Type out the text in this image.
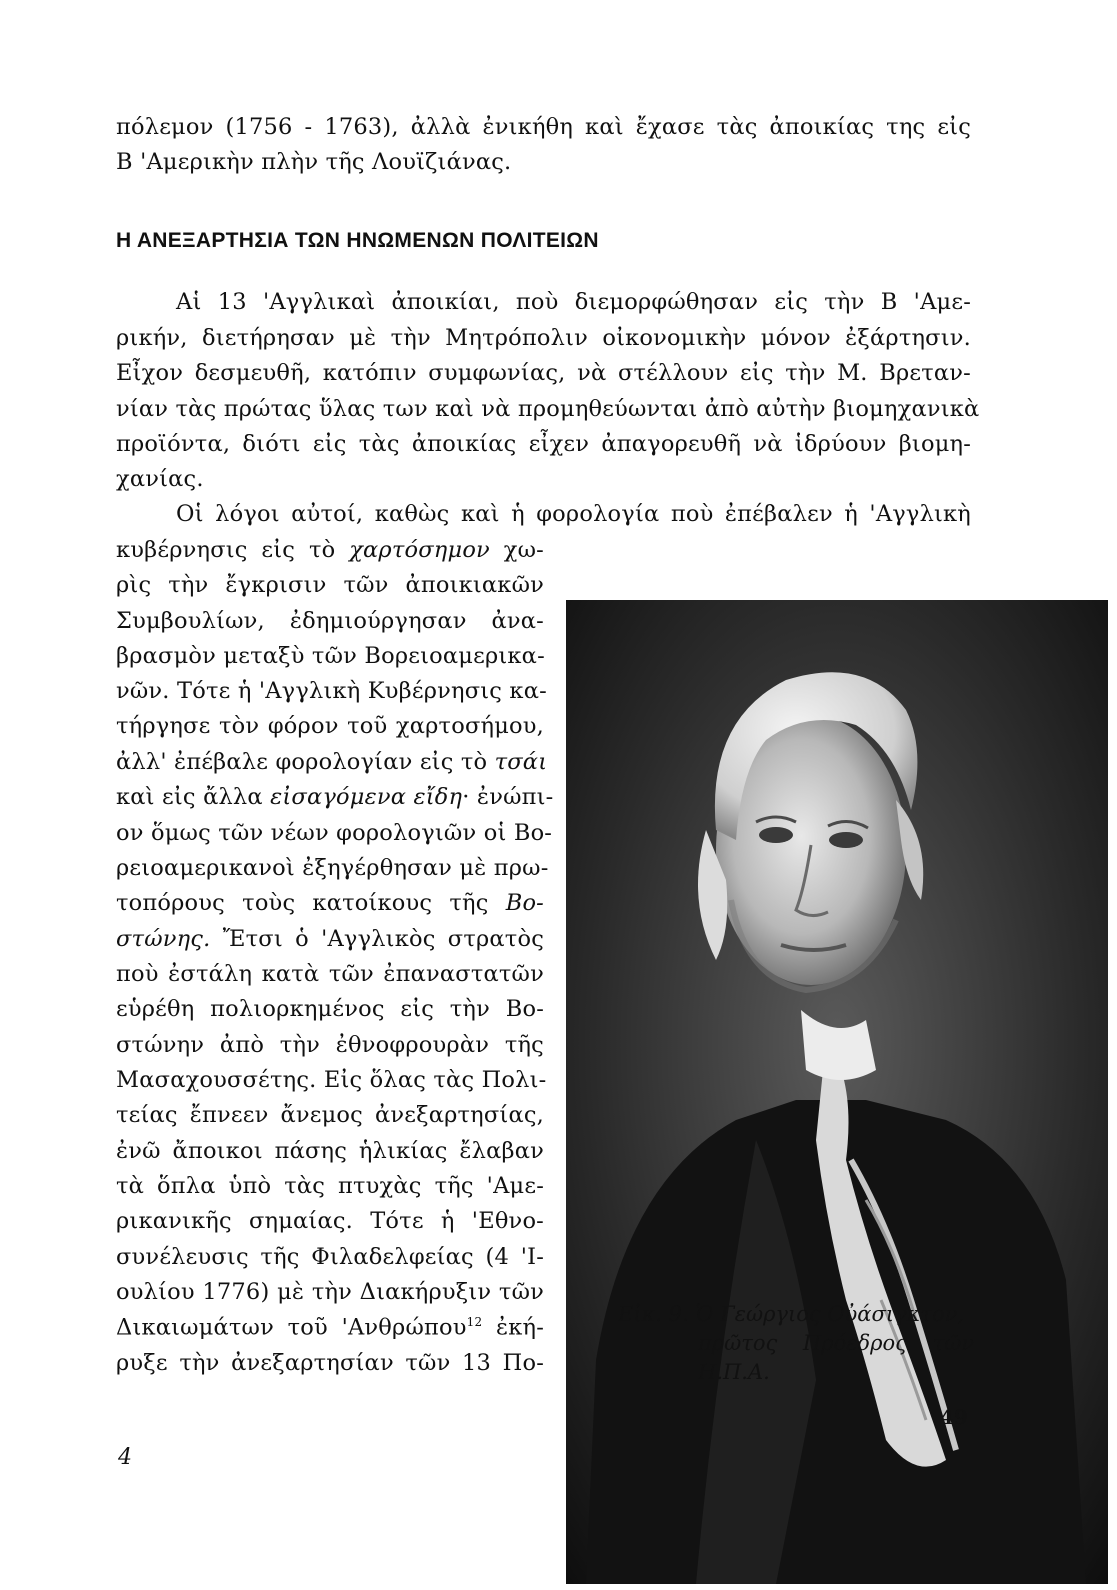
πόλεμον (1756 - 1763), ἀλλὰ ἐνικήθη καὶ ἔχασε τὰς ἀποικίας της εἰς
Β 'Αμερικὴν πλὴν τῆς Λουϊζιάνας.
Η ΑΝΕΞΑΡΤΗΣΙΑ ΤΩΝ ΗΝΩΜΕΝΩΝ ΠΟΛΙΤΕΙΩΝ
Αἱ 13 'Αγγλικαὶ ἀποικίαι, ποὺ διεμορφώθησαν εἰς τὴν Β 'Αμε-
ρικήν, διετήρησαν μὲ τὴν Μητρόπολιν οἰκονομικὴν μόνον ἐξάρτησιν.
Εἶχον δεσμευθῆ, κατόπιν συμφωνίας, νὰ στέλλουν εἰς τὴν Μ. Βρεταν-
νίαν τὰς πρώτας ὕλας των καὶ νὰ προμηθεύωνται ἀπὸ αὐτὴν βιομηχανικὰ
προϊόντα, διότι εἰς τὰς ἀποικίας εἶχεν ἀπαγορευθῆ νὰ ἱδρύουν βιομη-
χανίας.
Οἱ λόγοι αὐτοί, καθὼς καὶ ἡ φορολογία ποὺ ἐπέβαλεν ἡ 'Αγγλικὴ
κυβέρνησις εἰς τὸ χαρτόσημον χω-
ρὶς τὴν ἔγκρισιν τῶν ἀποικιακῶν
Συμβουλίων, ἐδημιούργησαν ἀνα-
βρασμὸν μεταξὺ τῶν Βορειοαμερικα-
νῶν. Τότε ἡ 'Αγγλικὴ Κυβέρνησις κα-
τήργησε τὸν φόρον τοῦ χαρτοσήμου,
ἀλλ' ἐπέβαλε φορολογίαν εἰς τὸ τσάι
καὶ εἰς ἄλλα εἰσαγόμενα εἴδη· ἐνώπι-
ον ὅμως τῶν νέων φορολογιῶν οἱ Βο-
ρειοαμερικανοὶ ἐξηγέρθησαν μὲ πρω-
τοπόρους τοὺς κατοίκους τῆς Βο-
στώνης. Ἔτσι ὁ 'Αγγλικὸς στρατὸς
ποὺ ἐστάλη κατὰ τῶν ἐπαναστατῶν
εὑρέθη πολιορκημένος εἰς τὴν Βο-
στώνην ἀπὸ τὴν ἐθνοφρουρὰν τῆς
Μασαχουσσέτης. Εἰς ὅλας τὰς Πολι-
τείας ἔπνεεν ἄνεμος ἀνεξαρτησίας,
ἐνῶ ἄποικοι πάσης ἡλικίας ἔλαβαν
τὰ ὅπλα ὑπὸ τὰς πτυχὰς τῆς 'Αμε-
ρικανικῆς σημαίας. Τότε ἡ 'Εθνο-
συνέλευσις τῆς Φιλαδελφείας (4 'Ι-
ουλίου 1776) μὲ τὴν Διακήρυξιν τῶν
Δικαιωμάτων τοῦ 'Ανθρώπου$^{12}$ ἐκή-
ρυξε τὴν ἀνεξαρτησίαν τῶν 13 Πο-
Εἰκ. 9. Ὁ Γεώργιος Οὐάσιγκτον,
πρῶτος Πρόεδρος τῶν
Η.Π.Α.
49
4
